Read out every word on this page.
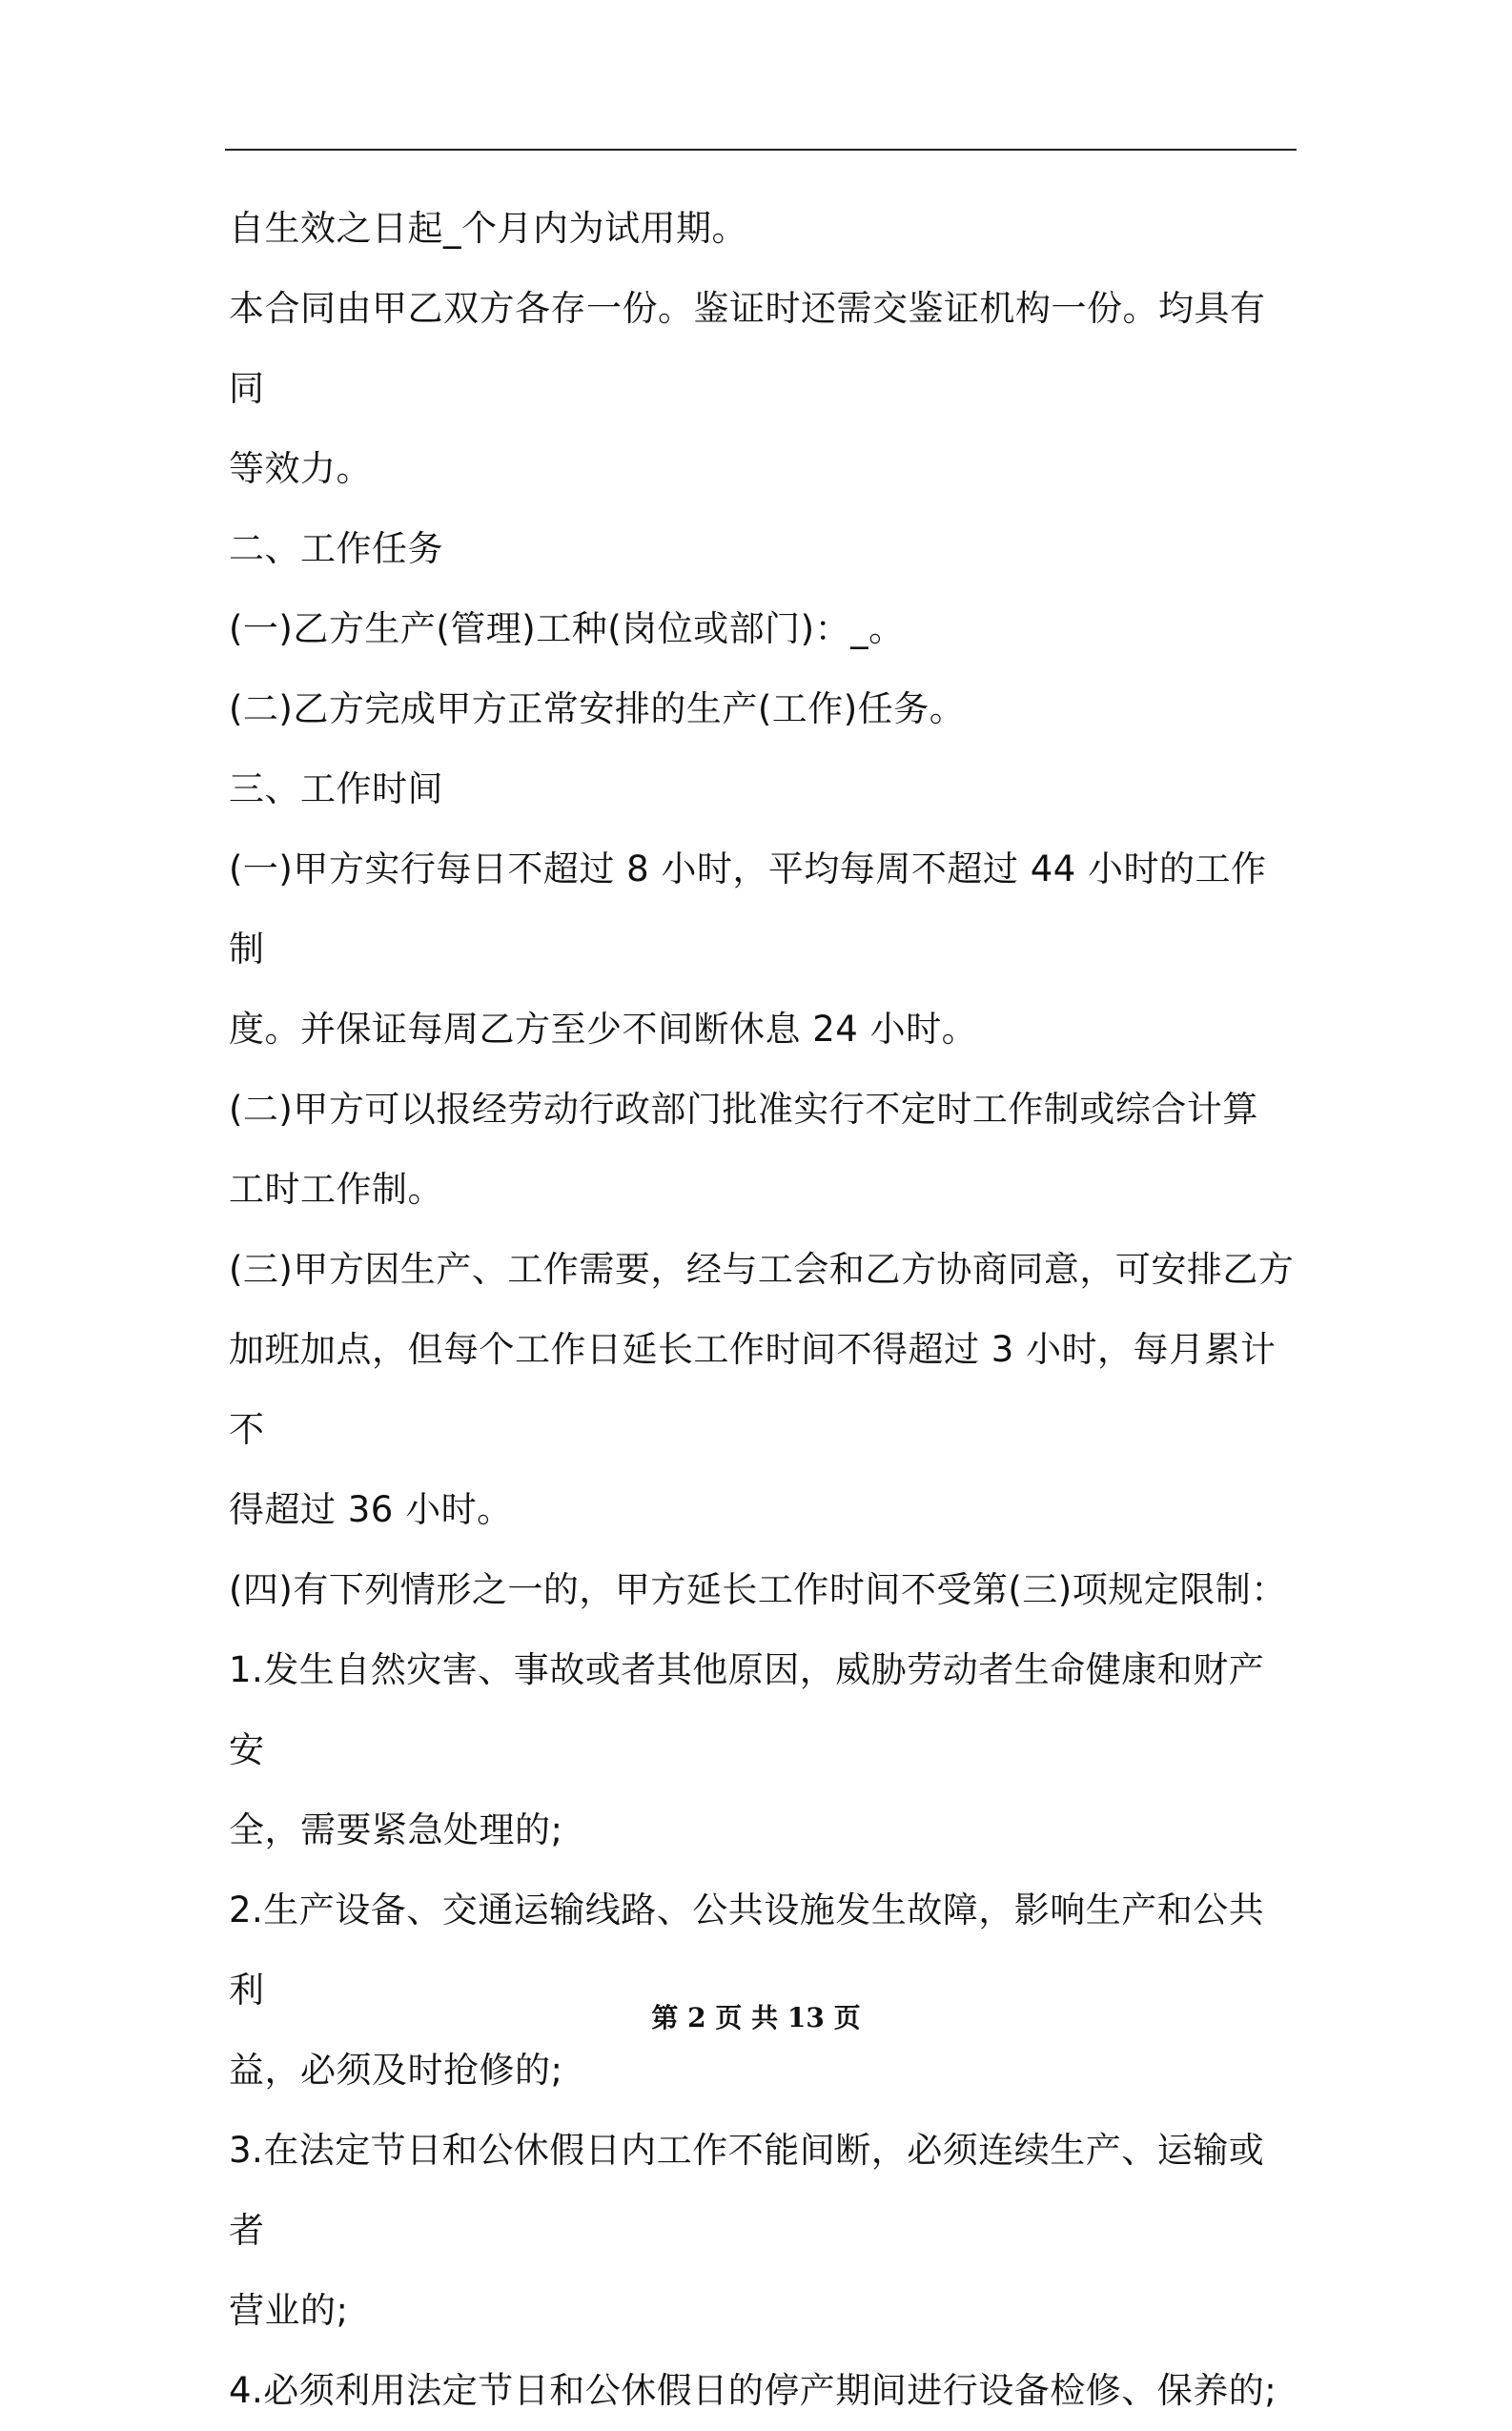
自生效之日起_个月内为试用期。

本合同由甲乙双方各存一份。鉴证时还需交鉴证机构一份。均具有同

等效力。

二、工作任务

(一)乙方生产(管理)工种(岗位或部门)：_。

(二)乙方完成甲方正常安排的生产(工作)任务。

三、工作时间

(一)甲方实行每日不超过 8 小时，平均每周不超过 44 小时的工作制

度。并保证每周乙方至少不间断休息 24 小时。

(二)甲方可以报经劳动行政部门批准实行不定时工作制或综合计算

工时工作制。

(三)甲方因生产、工作需要，经与工会和乙方协商同意，可安排乙方

加班加点，但每个工作日延长工作时间不得超过 3 小时，每月累计不

得超过 36 小时。

(四)有下列情形之一的，甲方延长工作时间不受第(三)项规定限制：

1.发生自然灾害、事故或者其他原因，威胁劳动者生命健康和财产安

全，需要紧急处理的;

2.生产设备、交通运输线路、公共设施发生故障，影响生产和公共利

益，必须及时抢修的;

3.在法定节日和公休假日内工作不能间断，必须连续生产、运输或者

营业的;

4.必须利用法定节日和公休假日的停产期间进行设备检修、保养的;

第 2 页 共 13 页
